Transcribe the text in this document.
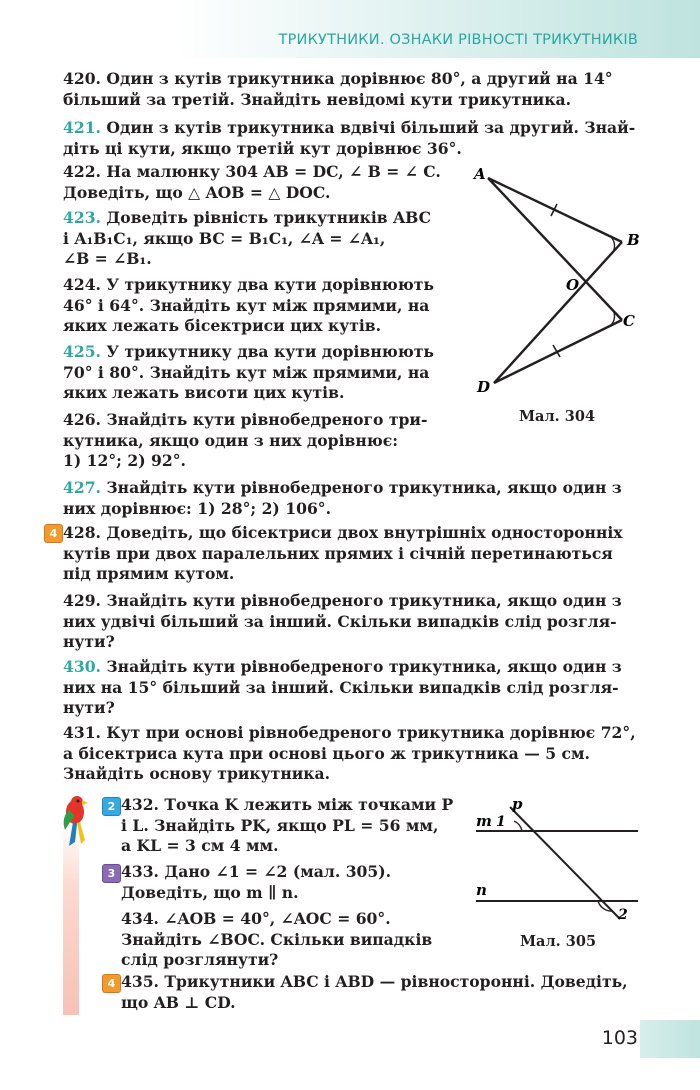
ТРИКУТНИКИ. ОЗНАКИ РІВНОСТІ ТРИКУТНИКІВ
420. Один з кутів трикутника дорівнює 80°, а другий на 14°
більший за третій. Знайдіть невідомі кути трикутника.
421. Один з кутів трикутника вдвічі більший за другий. Знай-
діть ці кути, якщо третій кут дорівнює 36°.
422. На малюнку 304 AB = DC, ∠ B = ∠ C.
Доведіть, що △ AOB = △ DOC.
423. Доведіть рівність трикутників ABC
і A₁B₁C₁, якщо BC = B₁C₁, ∠A = ∠A₁,
∠B = ∠B₁.
424. У трикутнику два кути дорівнюють
46° і 64°. Знайдіть кут між прямими, на
яких лежать бісектриси цих кутів.
425. У трикутнику два кути дорівнюють
70° і 80°. Знайдіть кут між прямими, на
яких лежать висоти цих кутів.
426. Знайдіть кути рівнобедреного три-
кутника, якщо один з них дорівнює:
1) 12°; 2) 92°.
A
B
O
C
D
Мал. 304
427. Знайдіть кути рівнобедреного трикутника, якщо один з
них дорівнює: 1) 28°; 2) 106°.
4 428. Доведіть, що бісектриси двох внутрішніх односторонніх
кутів при двох паралельних прямих і січній перетинаються
під прямим кутом.
429. Знайдіть кути рівнобедреного трикутника, якщо один з
них удвічі більший за інший. Скільки випадків слід розгля-
нути?
430. Знайдіть кути рівнобедреного трикутника, якщо один з
них на 15° більший за інший. Скільки випадків слід розгля-
нути?
431. Кут при основі рівнобедреного трикутника дорівнює 72°,
а бісектриса кута при основі цього ж трикутника — 5 см.
Знайдіть основу трикутника.
2 432. Точка K лежить між точками P
і L. Знайдіть PK, якщо PL = 56 мм,
а KL = 3 см 4 мм.
3 433. Дано ∠1 = ∠2 (мал. 305).
Доведіть, що m ∥ n.
434. ∠AOB = 40°, ∠AOC = 60°.
Знайдіть ∠BOC. Скільки випадків
слід розглянути?
p
m 1
n
2
Мал. 305
4 435. Трикутники ABC і ABD — рівносторонні. Доведіть,
що AB ⊥ CD.
103
